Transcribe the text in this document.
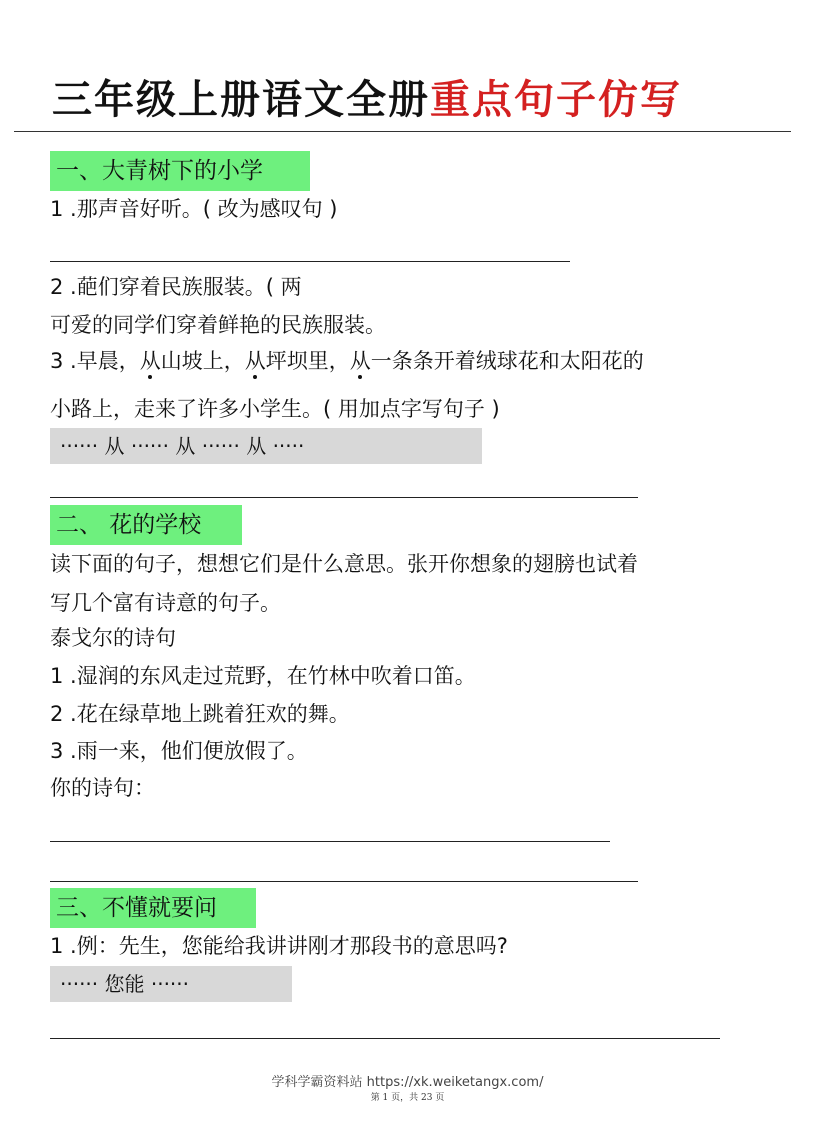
三年级上册语文全册重点句子仿写
一、大青树下的小学
1 .那声音好听。( 改为感叹句 )
2 .葩们穿着民族服装。( 两
可爱的同学们穿着鲜艳的民族服装。
3 .早晨，从山坡上，从坪坝里，从一条条开着绒球花和太阳花的
小路上，走来了许多小学生。( 用加点字写句子 )
······ 从 ······ 从 ······ 从 ·····
二、 花的学校
读下面的句子，想想它们是什么意思。张开你想象的翅膀也试着
写几个富有诗意的句子。
泰戈尔的诗句
1 .湿润的东风走过荒野，在竹林中吹着口笛。
2 .花在绿草地上跳着狂欢的舞。
3 .雨一来，他们便放假了。
你的诗句：
三、不懂就要问
1 .例：先生，您能给我讲讲刚才那段书的意思吗?
······ 您能 ······
学科学霸资料站 https://xk.weiketangx.com/
第 1 页，共 23 页
